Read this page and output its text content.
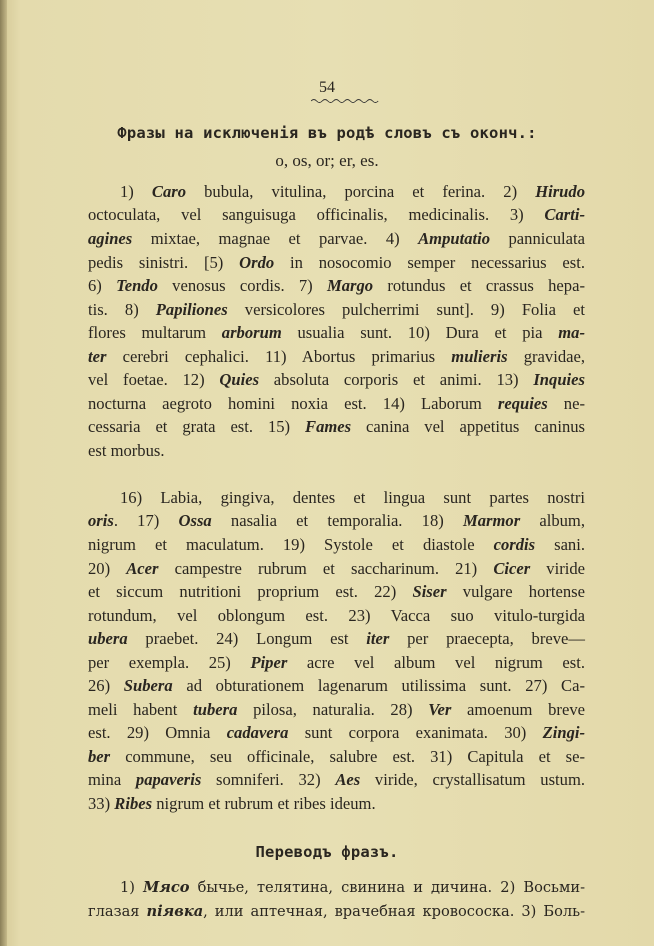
54
Фразы на исключенія въ родѣ словъ съ оконч.:
o, os, or; er, es.
1) Caro bubula, vitulina, porcina et ferina. 2) Hirudo
octoculata, vel sanguisuga officinalis, medicinalis. 3) Carti-
agines mixtae, magnae et parvae. 4) Amputatio panniculata
pedis sinistri. [5) Ordo in nosocomio semper necessarius est.
6) Tendo venosus cordis. 7) Margo rotundus et crassus hepa-
tis. 8) Papiliones versicolores pulcherrimi sunt]. 9) Folia et
flores multarum arborum usualia sunt. 10) Dura et pia ma-
ter cerebri cephalici. 11) Abortus primarius mulieris gravidae,
vel foetae. 12) Quies absoluta corporis et animi. 13) Inquies
nocturna aegroto homini noxia est. 14) Laborum requies ne-
cessaria et grata est. 15) Fames canina vel appetitus caninus
est morbus.
16) Labia, gingiva, dentes et lingua sunt partes nostri
oris. 17) Ossa nasalia et temporalia. 18) Marmor album,
nigrum et maculatum. 19) Systole et diastole cordis sani.
20) Acer campestre rubrum et saccharinum. 21) Cicer viride
et siccum nutritioni proprium est. 22) Siser vulgare hortense
rotundum, vel oblongum est. 23) Vacca suo vitulo-turgida
ubera praebet. 24) Longum est iter per praecepta, breve—
per exempla. 25) Piper acre vel album vel nigrum est.
26) Subera ad obturationem lagenarum utilissima sunt. 27) Ca-
meli habent tubera pilosa, naturalia. 28) Ver amoenum breve
est. 29) Omnia cadavera sunt corpora exanimata. 30) Zingi-
ber commune, seu officinale, salubre est. 31) Capitula et se-
mina papaveris somniferi. 32) Aes viride, crystallisatum ustum.
33) Ribes nigrum et rubrum et ribes ideum.
Переводъ фразъ.
1) Мясо бычье, телятина, свинина и дичина. 2) Восьми-
глазая пiявка, или аптечная, врачебная кровососка. 3) Боль-
